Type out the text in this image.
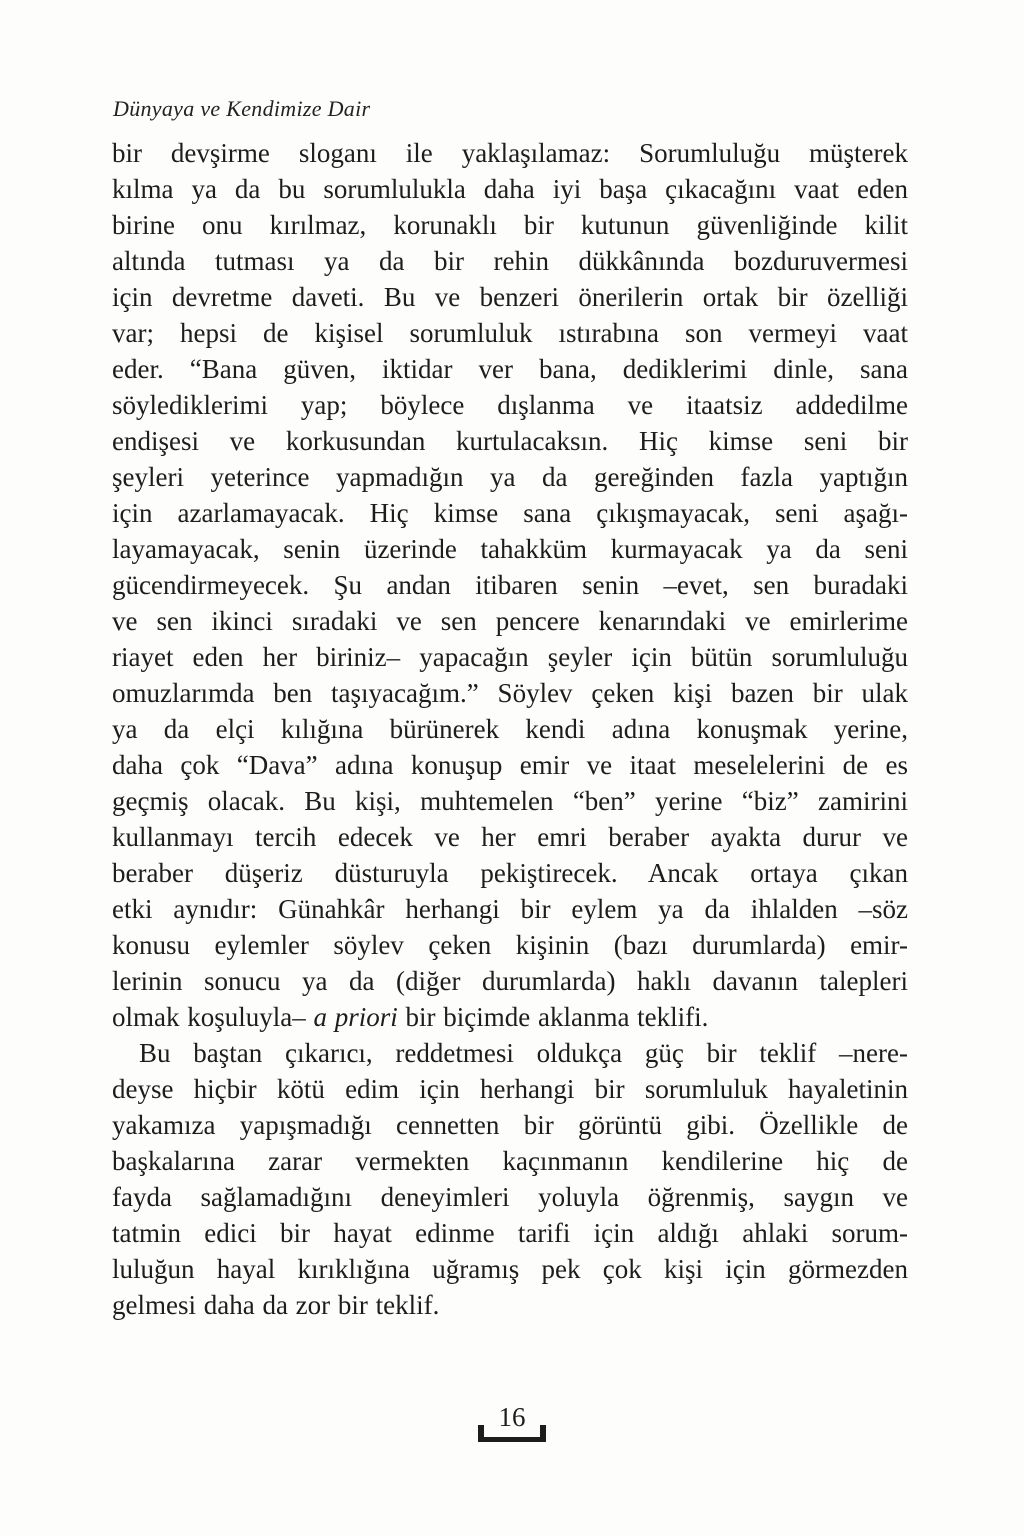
Dünyaya ve Kendimize Dair
bir devşirme sloganı ile yaklaşılamaz: Sorumluluğu müşterek
kılma ya da bu sorumlulukla daha iyi başa çıkacağını vaat eden
birine onu kırılmaz, korunaklı bir kutunun güvenliğinde kilit
altında tutması ya da bir rehin dükkânında bozduruvermesi
için devretme daveti. Bu ve benzeri önerilerin ortak bir özelliği
var; hepsi de kişisel sorumluluk ıstırabına son vermeyi vaat
eder. “Bana güven, iktidar ver bana, dediklerimi dinle, sana
söylediklerimi yap; böylece dışlanma ve itaatsiz addedilme
endişesi ve korkusundan kurtulacaksın. Hiç kimse seni bir
şeyleri yeterince yapmadığın ya da gereğinden fazla yaptığın
için azarlamayacak. Hiç kimse sana çıkışmayacak, seni aşağı-
layamayacak, senin üzerinde tahakküm kurmayacak ya da seni
gücendirmeyecek. Şu andan itibaren senin –evet, sen buradaki
ve sen ikinci sıradaki ve sen pencere kenarındaki ve emirlerime
riayet eden her biriniz– yapacağın şeyler için bütün sorumluluğu
omuzlarımda ben taşıyacağım.” Söylev çeken kişi bazen bir ulak
ya da elçi kılığına bürünerek kendi adına konuşmak yerine,
daha çok “Dava” adına konuşup emir ve itaat meselelerini de es
geçmiş olacak. Bu kişi, muhtemelen “ben” yerine “biz” zamirini
kullanmayı tercih edecek ve her emri beraber ayakta durur ve
beraber düşeriz düsturuyla pekiştirecek. Ancak ortaya çıkan
etki aynıdır: Günahkâr herhangi bir eylem ya da ihlalden –söz
konusu eylemler söylev çeken kişinin (bazı durumlarda) emir-
lerinin sonucu ya da (diğer durumlarda) haklı davanın talepleri
olmak koşuluyla– a priori bir biçimde aklanma teklifi.
Bu baştan çıkarıcı, reddetmesi oldukça güç bir teklif –nere-
deyse hiçbir kötü edim için herhangi bir sorumluluk hayaletinin
yakamıza yapışmadığı cennetten bir görüntü gibi. Özellikle de
başkalarına zarar vermekten kaçınmanın kendilerine hiç de
fayda sağlamadığını deneyimleri yoluyla öğrenmiş, saygın ve
tatmin edici bir hayat edinme tarifi için aldığı ahlaki sorum-
luluğun hayal kırıklığına uğramış pek çok kişi için görmezden
gelmesi daha da zor bir teklif.
16
